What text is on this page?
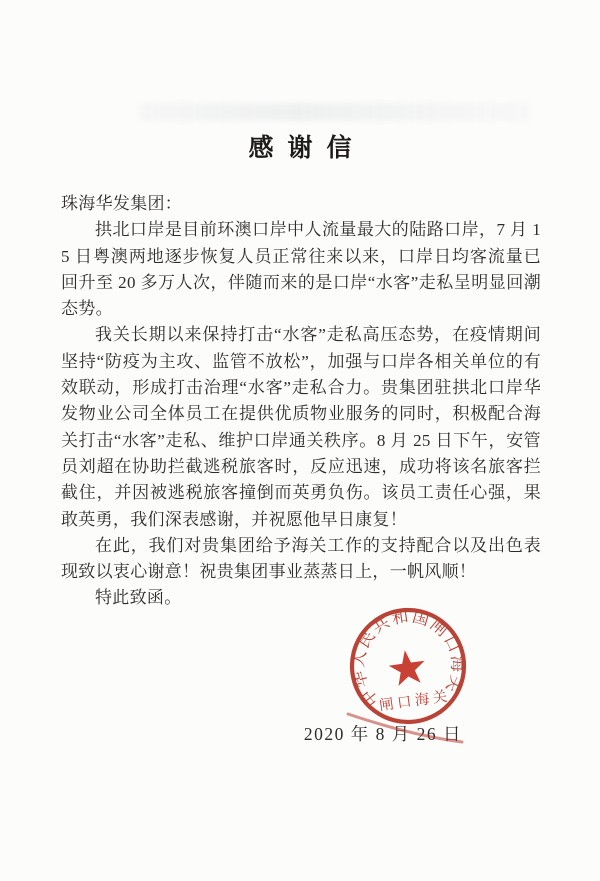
感谢信

珠海华发集团：

拱北口岸是目前环澳口岸中人流量最大的陆路口岸，7 月 15 日粤澳两地逐步恢复人员正常往来以来，口岸日均客流量已回升至 20 多万人次，伴随而来的是口岸“水客”走私呈明显回潮态势。

我关长期以来保持打击“水客”走私高压态势，在疫情期间坚持“防疫为主攻、监管不放松”，加强与口岸各相关单位的有效联动，形成打击治理“水客”走私合力。贵集团驻拱北口岸华发物业公司全体员工在提供优质物业服务的同时，积极配合海关打击“水客”走私、维护口岸通关秩序。8 月 25 日下午，安管员刘超在协助拦截逃税旅客时，反应迅速，成功将该名旅客拦截住，并因被逃税旅客撞倒而英勇负伤。该员工责任心强，果敢英勇，我们深表感谢，并祝愿他早日康复！

在此，我们对贵集团给予海关工作的支持配合以及出色表现致以衷心谢意！祝贵集团事业蒸蒸日上，一帆风顺！

特此致函。

2020 年 8 月 26 日
中华人民共和国闸口海关
闸口海关
